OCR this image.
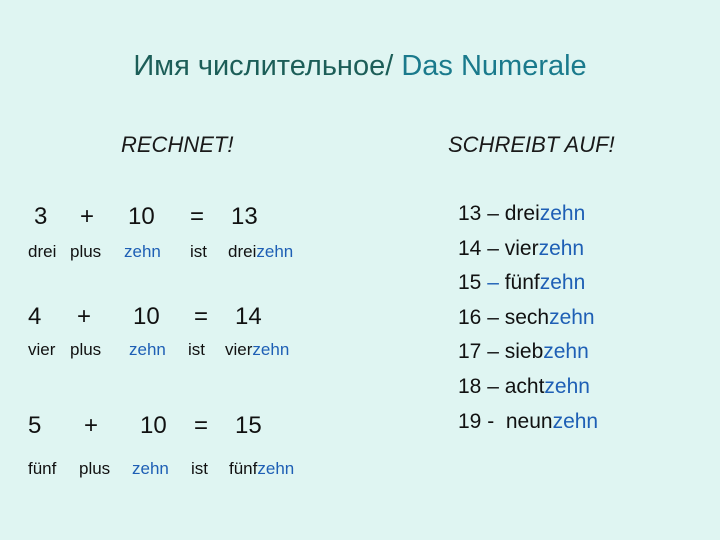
Имя числительное/ Das Numerale
RECHNET!	SCHREIBT AUF!
3 + 10 = 13
drei plus zehn ist dreizehn
4 + 10 = 14
vier plus zehn ist vierzehn
5 + 10 = 15
fünf plus zehn ist fünfzehn
13 – dreizehn
14 – vierzehn
15 – fünfzehn
16 – sechzehn
17 – siebzehn
18 – achtzehn
19 -  neunzehn
